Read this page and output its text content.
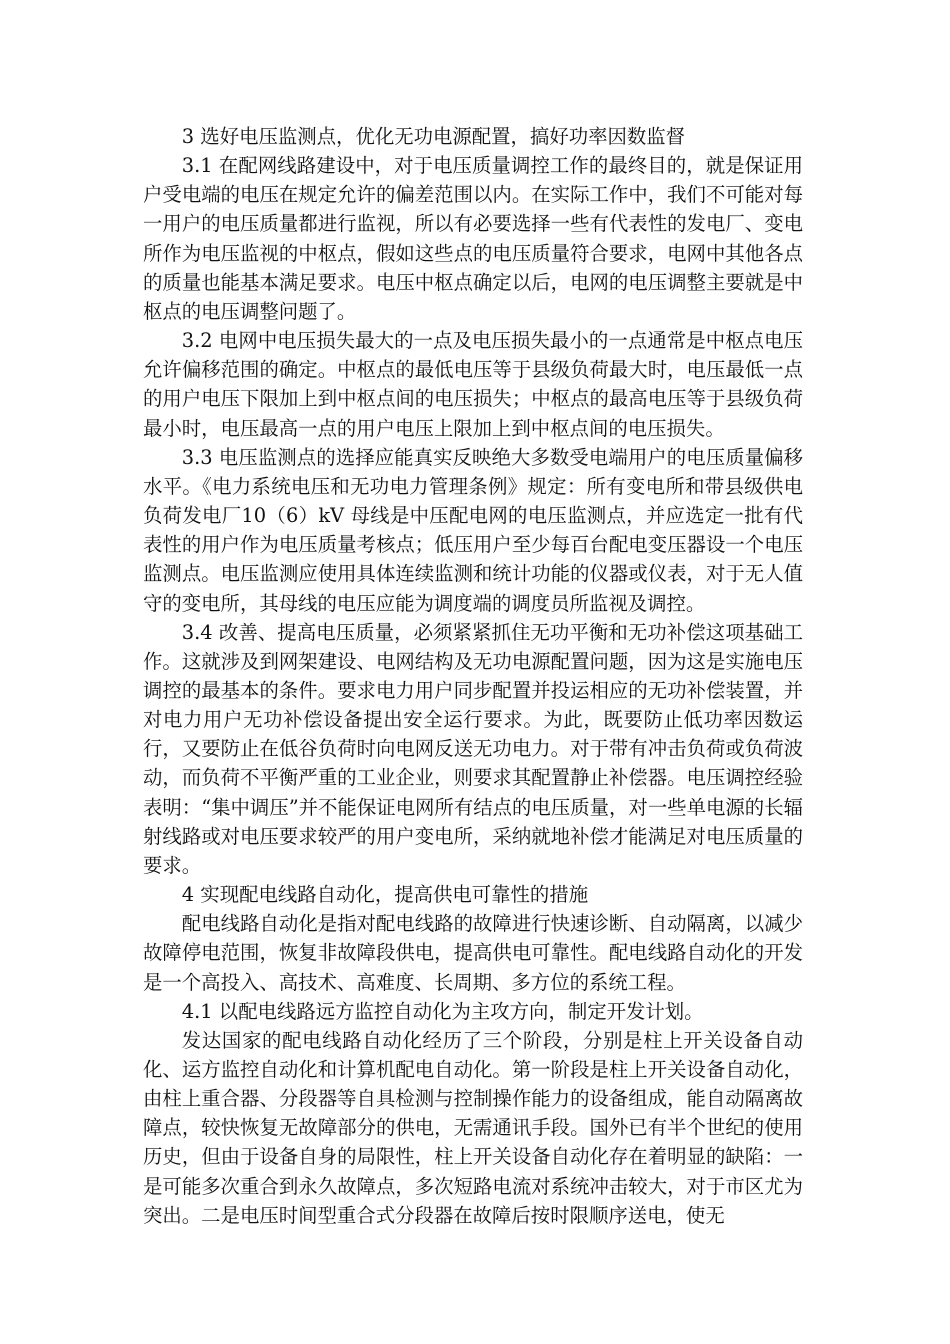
3 选好电压监测点，优化无功电源配置，搞好功率因数监督

3.1 在配网线路建设中，对于电压质量调控工作的最终目的，就是保证用户受电端的电压在规定允许的偏差范围以内。在实际工作中，我们不可能对每一用户的电压质量都进行监视，所以有必要选择一些有代表性的发电厂、变电所作为电压监视的中枢点，假如这些点的电压质量符合要求，电网中其他各点的质量也能基本满足要求。电压中枢点确定以后，电网的电压调整主要就是中枢点的电压调整问题了。

3.2 电网中电压损失最大的一点及电压损失最小的一点通常是中枢点电压允许偏移范围的确定。中枢点的最低电压等于县级负荷最大时，电压最低一点的用户电压下限加上到中枢点间的电压损失；中枢点的最高电压等于县级负荷最小时，电压最高一点的用户电压上限加上到中枢点间的电压损失。

3.3 电压监测点的选择应能真实反映绝大多数受电端用户的电压质量偏移水平。《电力系统电压和无功电力管理条例》规定：所有变电所和带县级供电负荷发电厂10（6）kV 母线是中压配电网的电压监测点，并应选定一批有代表性的用户作为电压质量考核点；低压用户至少每百台配电变压器设一个电压监测点。电压监测应使用具体连续监测和统计功能的仪器或仪表，对于无人值守的变电所，其母线的电压应能为调度端的调度员所监视及调控。

3.4 改善、提高电压质量，必须紧紧抓住无功平衡和无功补偿这项基础工作。这就涉及到网架建设、电网结构及无功电源配置问题，因为这是实施电压调控的最基本的条件。要求电力用户同步配置并投运相应的无功补偿装置，并对电力用户无功补偿设备提出安全运行要求。为此，既要防止低功率因数运行，又要防止在低谷负荷时向电网反送无功电力。对于带有冲击负荷或负荷波动，而负荷不平衡严重的工业企业，则要求其配置静止补偿器。电压调控经验表明：“集中调压”并不能保证电网所有结点的电压质量，对一些单电源的长辐射线路或对电压要求较严的用户变电所，采纳就地补偿才能满足对电压质量的要求。

4 实现配电线路自动化，提高供电可靠性的措施

配电线路自动化是指对配电线路的故障进行快速诊断、自动隔离，以减少故障停电范围，恢复非故障段供电，提高供电可靠性。配电线路自动化的开发是一个高投入、高技术、高难度、长周期、多方位的系统工程。

4.1 以配电线路远方监控自动化为主攻方向，制定开发计划。

发达国家的配电线路自动化经历了三个阶段，分别是柱上开关设备自动化、运方监控自动化和计算机配电自动化。第一阶段是柱上开关设备自动化，由柱上重合器、分段器等自具检测与控制操作能力的设备组成，能自动隔离故障点，较快恢复无故障部分的供电，无需通讯手段。国外已有半个世纪的使用历史，但由于设备自身的局限性，柱上开关设备自动化存在着明显的缺陷：一是可能多次重合到永久故障点，多次短路电流对系统冲击较大，对于市区尤为突出。二是电压时间型重合式分段器在故障后按时限顺序送电，使无
